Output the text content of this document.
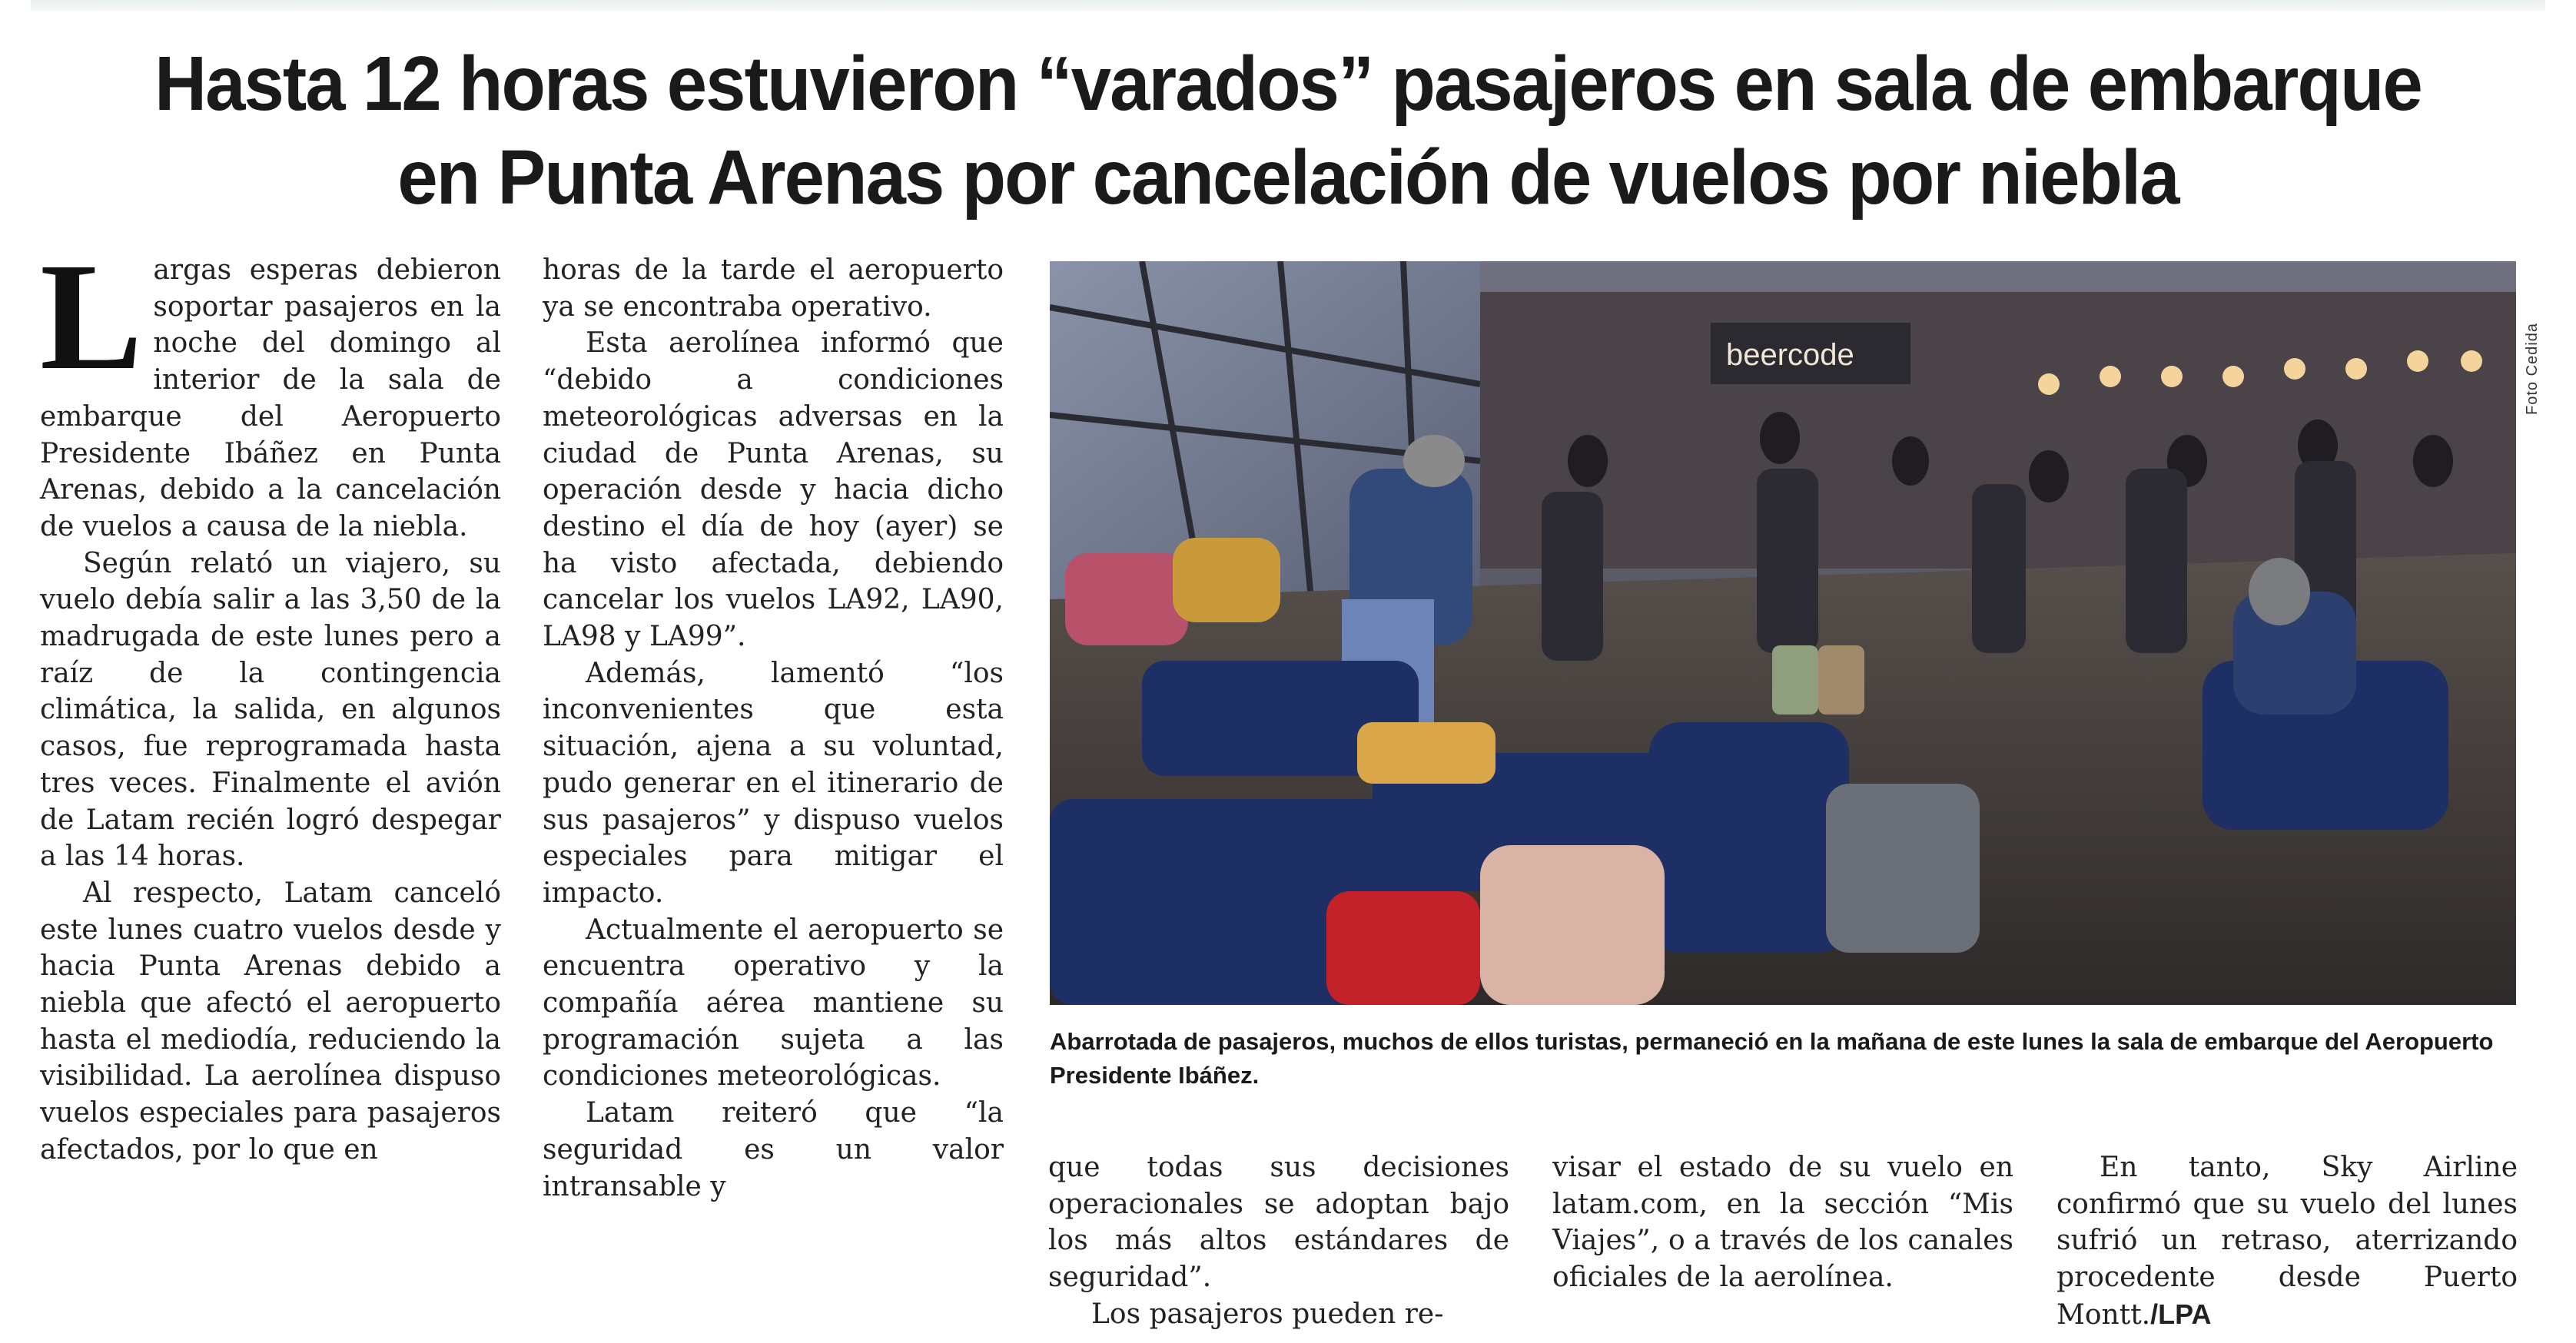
Hasta 12 horas estuvieron “varados” pasajeros en sala de embarque en Punta Arenas por cancelación de vuelos por niebla

Largas esperas debieron soportar pasajeros en la noche del domingo al interior de la sala de embarque del Aeropuerto Presidente Ibáñez en Punta Arenas, debido a la cancelación de vuelos a causa de la niebla.

Según relató un viajero, su vuelo debía salir a las 3,50 de la madrugada de este lunes pero a raíz de la contingencia climática, la salida, en algunos casos, fue reprogramada hasta tres veces. Finalmente el avión de Latam recién logró despegar a las 14 horas.

Al respecto, Latam canceló este lunes cuatro vuelos desde y hacia Punta Arenas debido a niebla que afectó el aeropuerto hasta el mediodía, reduciendo la visibilidad. La aerolínea dispuso vuelos especiales para pasajeros afectados, por lo que en

horas de la tarde el aeropuerto ya se encontraba operativo.

Esta aerolínea informó que “debido a condiciones meteorológicas adversas en la ciudad de Punta Arenas, su operación desde y hacia dicho destino el día de hoy (ayer) se ha visto afectada, debiendo cancelar los vuelos LA92, LA90, LA98 y LA99”.

Además, lamentó “los inconvenientes que esta situación, ajena a su voluntad, pudo generar en el itinerario de sus pasajeros” y dispuso vuelos especiales para mitigar el impacto.

Actualmente el aeropuerto se encuentra operativo y la compañía aérea mantiene su programación sujeta a las condiciones meteorológicas.

Latam reiteró que “la seguridad es un valor intransable y

beercode	Foto Cedida
Abarrotada de pasajeros, muchos de ellos turistas, permaneció en la mañana de este lunes la sala de embarque del Aeropuerto Presidente Ibáñez.

que todas sus decisiones operacionales se adoptan bajo los más altos estándares de seguridad”.

Los pasajeros pueden re-

visar el estado de su vuelo en latam.com, en la sección “Mis Viajes”, o a través de los canales oficiales de la aerolínea.

En tanto, Sky Airline confirmó que su vuelo del lunes sufrió un retraso, aterrizando procedente desde Puerto Montt./LPA
